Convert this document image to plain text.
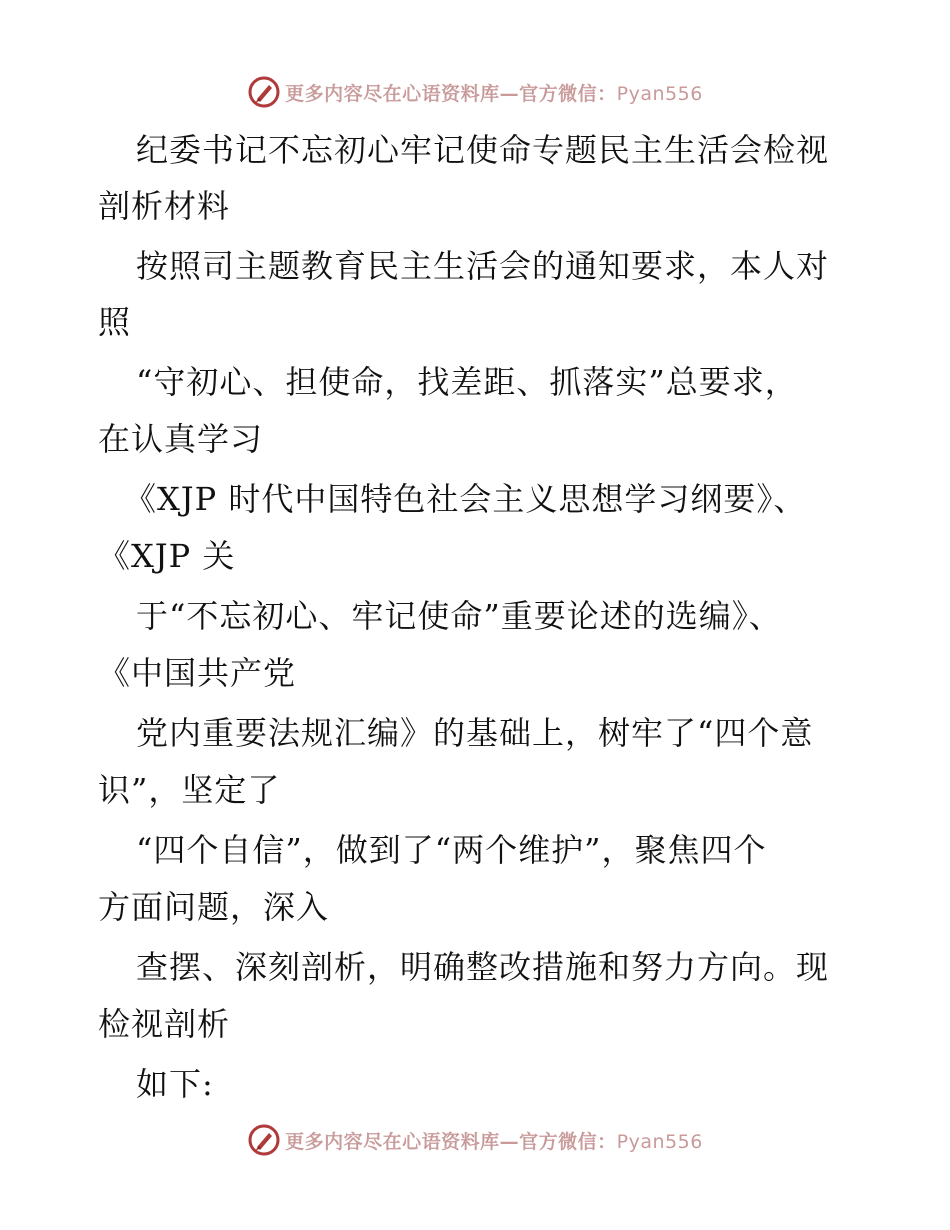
更多内容尽在心语资料库—官方微信：Pyan556
纪委书记不忘初心牢记使命专题民主生活会检视
剖析材料
按照司主题教育民主生活会的通知要求，本人对
照
“守初心、担使命，找差距、抓落实”总要求，
在认真学习
《XJP 时代中国特色社会主义思想学习纲要》、
《XJP 关
于“不忘初心、牢记使命”重要论述的选编》、
《中国共产党
党内重要法规汇编》的基础上，树牢了“四个意
识”，坚定了
“四个自信”，做到了“两个维护”，聚焦四个
方面问题，深入
查摆、深刻剖析，明确整改措施和努力方向。现
检视剖析
如下:
更多内容尽在心语资料库—官方微信：Pyan556
